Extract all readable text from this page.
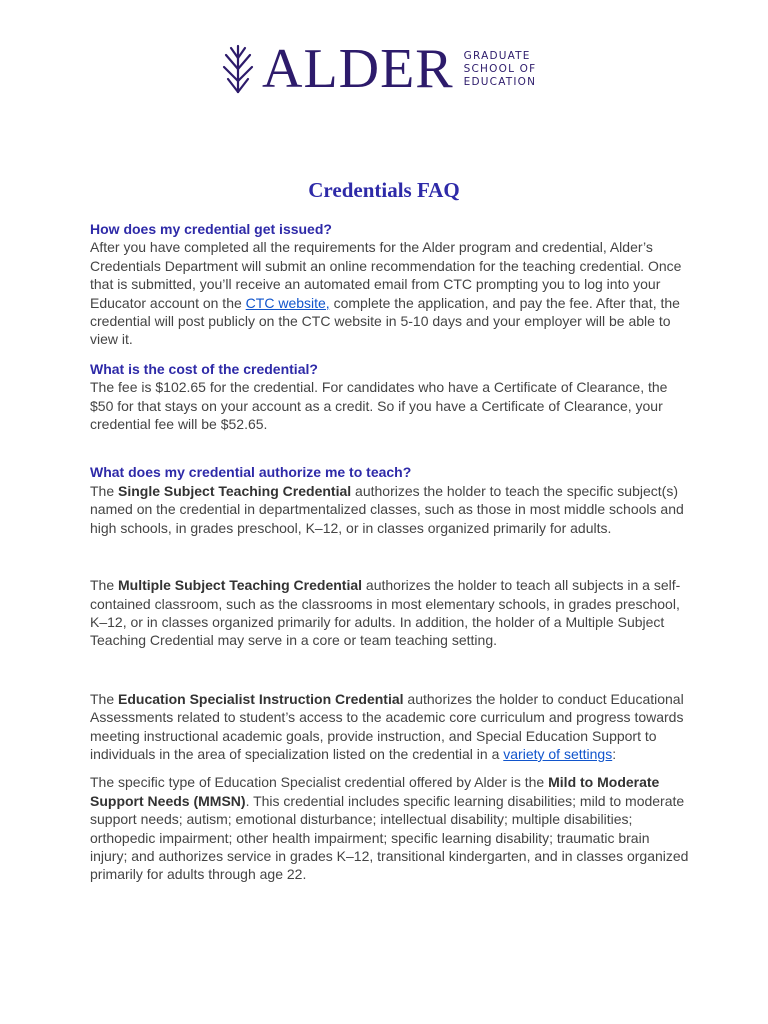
ALDER GRADUATE
SCHOOL OF
EDUCATION
Credentials FAQ

How does my credential get issued?

After you have completed all the requirements for the Alder program and credential, Alder’s Credentials Department will submit an online recommendation for the teaching credential. Once that is submitted, you’ll receive an automated email from CTC prompting you to log into your Educator account on the CTC website, complete the application, and pay the fee. After that, the credential will post publicly on the CTC website in 5-10 days and your employer will be able to view it.

What is the cost of the credential?

The fee is $102.65 for the credential. For candidates who have a Certificate of Clearance, the $50 for that stays on your account as a credit. So if you have a Certificate of Clearance, your credential fee will be $52.65.

What does my credential authorize me to teach?

The Single Subject Teaching Credential authorizes the holder to teach the specific subject(s) named on the credential in departmentalized classes, such as those in most middle schools and high schools, in grades preschool, K–12, or in classes organized primarily for adults.

The Multiple Subject Teaching Credential authorizes the holder to teach all subjects in a self-contained classroom, such as the classrooms in most elementary schools, in grades preschool, K–12, or in classes organized primarily for adults. In addition, the holder of a Multiple Subject Teaching Credential may serve in a core or team teaching setting.

The Education Specialist Instruction Credential authorizes the holder to conduct Educational Assessments related to student’s access to the academic core curriculum and progress towards meeting instructional academic goals, provide instruction, and Special Education Support to individuals in the area of specialization listed on the credential in a variety of settings:

The specific type of Education Specialist credential offered by Alder is the Mild to Moderate Support Needs (MMSN). This credential includes specific learning disabilities; mild to moderate support needs; autism; emotional disturbance; intellectual disability; multiple disabilities; orthopedic impairment; other health impairment; specific learning disability; traumatic brain injury; and authorizes service in grades K–12, transitional kindergarten, and in classes organized primarily for adults through age 22.
